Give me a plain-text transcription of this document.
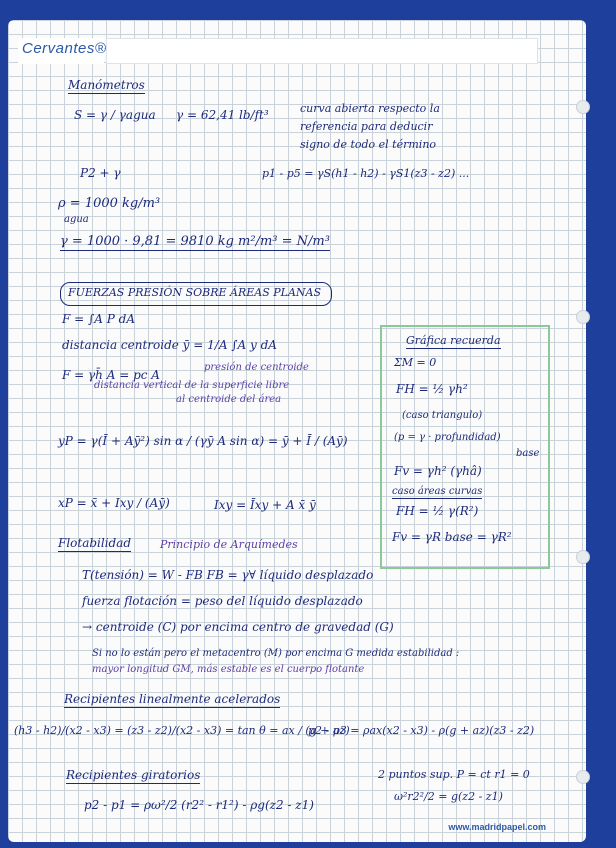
Cervantes®
Manómetros
S = γ / γagua γ = 62,41 lb/ft³	curva abierta respecto la
referencia para deducir
signo de todo el término
P2 + γ	p1 - p5 = γS(h1 - h2) - γS1(z3 - z2) ...
ρ = 1000 kg/m³
agua
γ = 1000 · 9,81 = 9810 kg m²/m³ = N/m³
FUERZAS PRESIÓN SOBRE ÁREAS PLANAS
F = ∫A P dA
distancia centroide ȳ = 1/A ∫A y dA
F = γh̄ A = pc A
presión de centroide
distancia vertical de la superficie libre
al centroide del área
yP = γ(Ī + Aȳ²) sin α / (γȳ A sin α) = ȳ + Ī / (Aȳ)
xP = x̄ + Ixy / (Aȳ)	Ixy = Īxy + A x̄ ȳ
Flotabilidad	Principio de Arquímedes
T(tensión) = W - FB FB = γ∀ líquido desplazado
fuerza flotación = peso del líquido desplazado
→ centroide (C) por encima centro de gravedad (G)
Si no lo están pero el metacentro (M) por encima G medida estabilidad :
mayor longitud GM, más estable es el cuerpo flotante
Recipientes linealmente acelerados
(h3 - h2)/(x2 - x3) = (z3 - z2)/(x2 - x3) = tan θ = ax / (g + az)
p2 - p3 = ρax(x2 - x3) - ρ(g + az)(z3 - z2)
Recipientes giratorios	2 puntos sup. P = ct r1 = 0
p2 - p1 = ρω²/2 (r2² - r1²) - ρg(z2 - z1)
ω²r2²/2 = g(z2 - z1)
Gráfica recuerda
ΣM = 0
FH = ½ γh²
(caso triangulo)
(p = γ · profundidad)
Fv = γh² (γhâ)
base
caso áreas curvas
FH = ½ γ(R²)
Fv = γR base = γR²
www.madridpapel.com
